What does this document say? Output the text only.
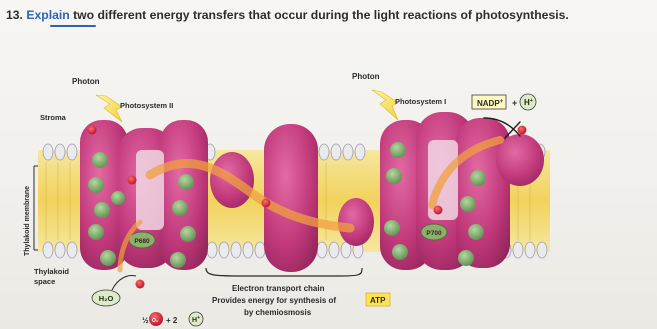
13. Explain two different energy transfers that occur during the light reactions of photosynthesis.
P680
P700
NADP+ + H+
Photon
Photon
Photosystem II	Photosystem I
Stroma
Thylakoid membrane
Thylakoid
space
Electron transport chain
Provides energy for synthesis of	ATP
by chemiosmosis
H₂O
½ O₂ + 2 H+
